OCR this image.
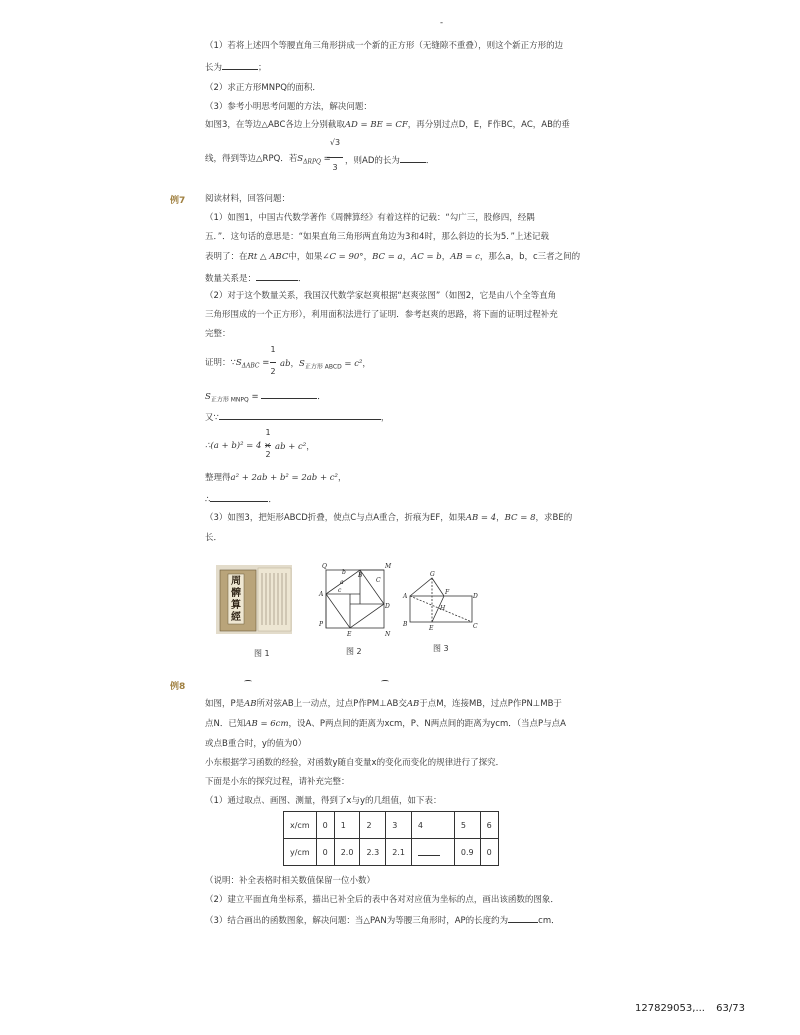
-
（1）若将上述四个等腰直角三角形拼成一个新的正方形（无缝隙不重叠），则这个新正方形的边
长为	；
（2）求正方形MNPQ的面积．
（3）参考小明思考问题的方法，解决问题：
如图3，在等边△ABC各边上分别截取AD = BE = CF，再分别过点D，E，F作BC，AC，AB的垂
√3
3
线，得到等边△RPQ．若$S_{\Delta RPQ}$ = ，则AD的长为	．
例7 阅读材料，回答问题：
（1）如图1，中国古代数学著作《周髀算经》有着这样的记载：“勾广三，股修四，经隅
五．”．这句话的意思是：“如果直角三角形两直角边为3和4时，那么斜边的长为5．”上述记载
表明了：在Rt △ ABC中，如果∠C = 90°，BC = a，AC = b，AB = c，那么a，b，c三者之间的
数量关系是：	．
（2）对于这个数量关系，我国汉代数学家赵爽根据“赵爽弦图”（如图2，它是由八个全等直角
三角形围成的一个正方形），利用面积法进行了证明．参考赵爽的思路，将下面的证明过程补充
完整：
1
2
证明：$\because S_{\Delta ABC}$ = ab，$S_{正方形 ABCD} = c^2$，
$S_{正方形 MNPQ}$ =	．
又∵	，
1
2
∴(a + b)² = 4 × ab + c²，
整理得a² + 2ab + b² = 2ab + c²，
∴	．
（3）如图3，把矩形ABCD折叠，使点C与点A重合，折痕为EF，如果AB = 4，BC = 8，求BE的
长．
周髀算經
图 1
Q	M
N
P
A
B
C
D
E
a
b
c
图 2
G
F
D
A
H
B
E	C
图 3
例8
如图，P是AB所对弦AB上一动点，过点P作PM⊥AB交AB于点M，连接MB，过点P作PN⊥MB于
点N．已知AB = 6cm，设A、P两点间的距离为xcm，P、N两点间的距离为ycm．（当点P与点A
或点B重合时，y的值为0）
小东根据学习函数的经验，对函数y随自变量x的变化而变化的规律进行了探究．
下面是小东的探究过程，请补充完整：
（1）通过取点、画图、测量，得到了x与y的几组值，如下表：
x/cm	0	1	2	3	4	5	6
y/cm	0	2.0	2.3	2.1		0.9	0
（说明：补全表格时相关数值保留一位小数）
（2）建立平面直角坐标系，描出已补全后的表中各对对应值为坐标的点，画出该函数的图象．
（3）结合画出的函数图象，解决问题：当△PAN为等腰三角形时，AP的长度约为	cm．
127829053,... 63/73
